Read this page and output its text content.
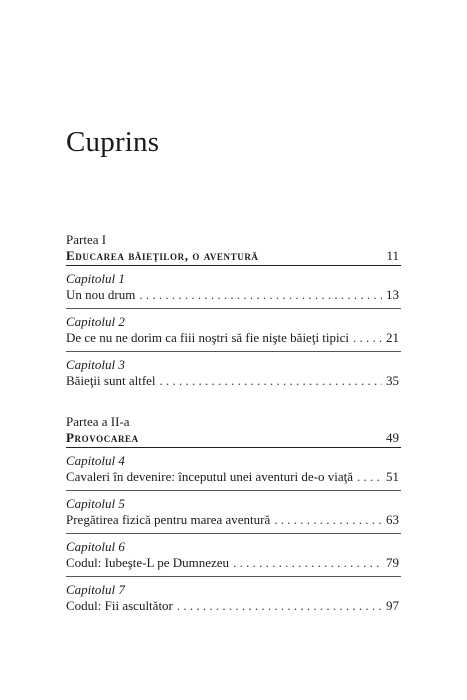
Cuprins
Partea I
Educarea băieţilor, o aventură	11
Capitolul 1
Un nou drum . . .	13
Capitolul 2
De ce nu ne dorim ca fiii noştri să fie nişte băieţi tipici . . .	21
Capitolul 3
Băieţii sunt altfel . . .	35
Partea a II-a
Provocarea	49
Capitolul 4
Cavaleri în devenire: începutul unei aventuri de-o viaţă . . .	51
Capitolul 5
Pregătirea fizică pentru marea aventură . . .	63
Capitolul 6
Codul: Iubeşte-L pe Dumnezeu . . .	79
Capitolul 7
Codul: Fii ascultător . . .	97
